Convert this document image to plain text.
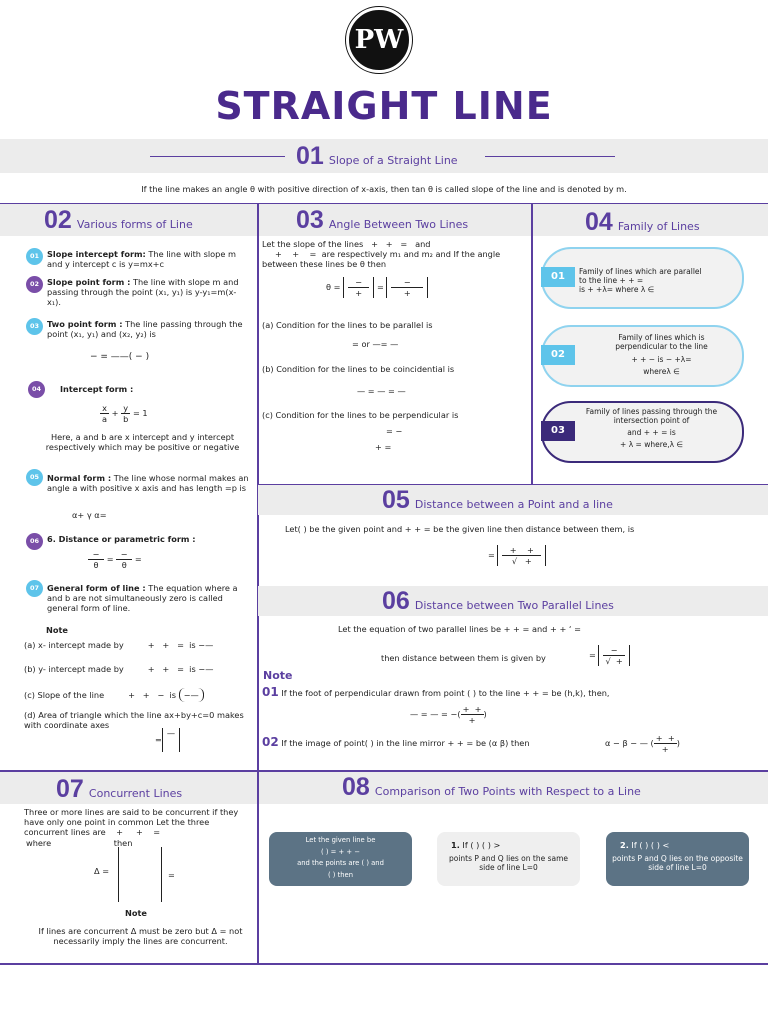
PW
STRAIGHT LINE
01 Slope of a Straight Line
If the line makes an angle θ with positive direction of x-axis, then tan θ is called slope of the line and is denoted by m.
02 Various forms of Line	03 Angle Between Two Lines	04 Family of Lines
01 Slope intercept form: The line with slope m and y intercept c is y=mx+c
02 Slope point form : The line with slope m and passing through the point (x₁, y₁) is y-y₁=m(x-x₁).
03 Two point form : The line passing through the point (x₁, y₁) and (x₂, y₂) is
− = ——( − )
04	Intercept form :
$\frac{x}{a} + \frac{y}{b} = 1$
Here, a and b are x intercept and y intercept respectively which may be positive or negative
05 Normal form : The line whose normal makes an angle a with positive x axis and has length =p is
α+ γ α=
06 6. Distance or parametric form :
$\frac{-}{\theta} = \frac{-}{\theta}$ =
07 General form of line : The equation where a and b are not simultaneously zero is called general form of line.
Note
(a) x- intercept made by	+   +   =  is −—
(b) y- intercept made by	+   +   =  is −—
(c) Slope of the line	+   +   −  is −—
(d) Area of triangle which the line ax+by+c=0 makes with coordinate axes
=—
Let the slope of the lines   +   +   =   and
+    +    =  are respectively m₁ and m₂ and If the angle between these lines be θ then
$\theta = \frac{-}{+} = \frac{-}{+}$
(a) Condition for the lines to be parallel is
= or —= —
(b) Condition for the lines to be coincidential is
— = — = —
(c) Condition for the lines to be perpendicular is
= −
+ =
01	Family of lines which are parallel
to the line + + =
is + +λ= where λ ∈
02
Family of lines which is
perpendicular to the line
+ + − is − +λ=
whereλ ∈
03
Family of lines passing through the
intersection point of
and + + = is
+ λ = where,λ ∈
05 Distance between a Point and a line
Let( ) be the given point and + + = be the given line then distance between them, is
= $\frac{+ +}{√ +}$
06 Distance between Two Parallel Lines
Let the equation of two parallel lines be + + = and + + ‘ =
then distance between them is given by	= $\frac{-}{√ +}$
Note
01 If the foot of perpendicular drawn from point ( ) to the line + + = be (h,k), then,
— = — = −( $\frac{+ +}{+}$ )
02 If the image of point( ) in the line mirror + + = be (α β) then	α − β − — ( $\frac{+ +}{+}$ )
07 Concurrent Lines	08 Comparison of Two Points with Respect to a Line
Three or more lines are said to be concurrent if they have only one point in common Let the three concurrent lines are    +     +    =
where	then
Δ =	=
Note
If lines are concurrent Δ must be zero but Δ = not necessarily imply the lines are concurrent.
Let the given line be
( ) = + + −
and the points are ( ) and
( ) then
1. If ( ) ( ) >
points P and Q lies on the same side of line L=0
2. If ( ) ( ) <
points P and Q lies on the opposite side of line L=0
